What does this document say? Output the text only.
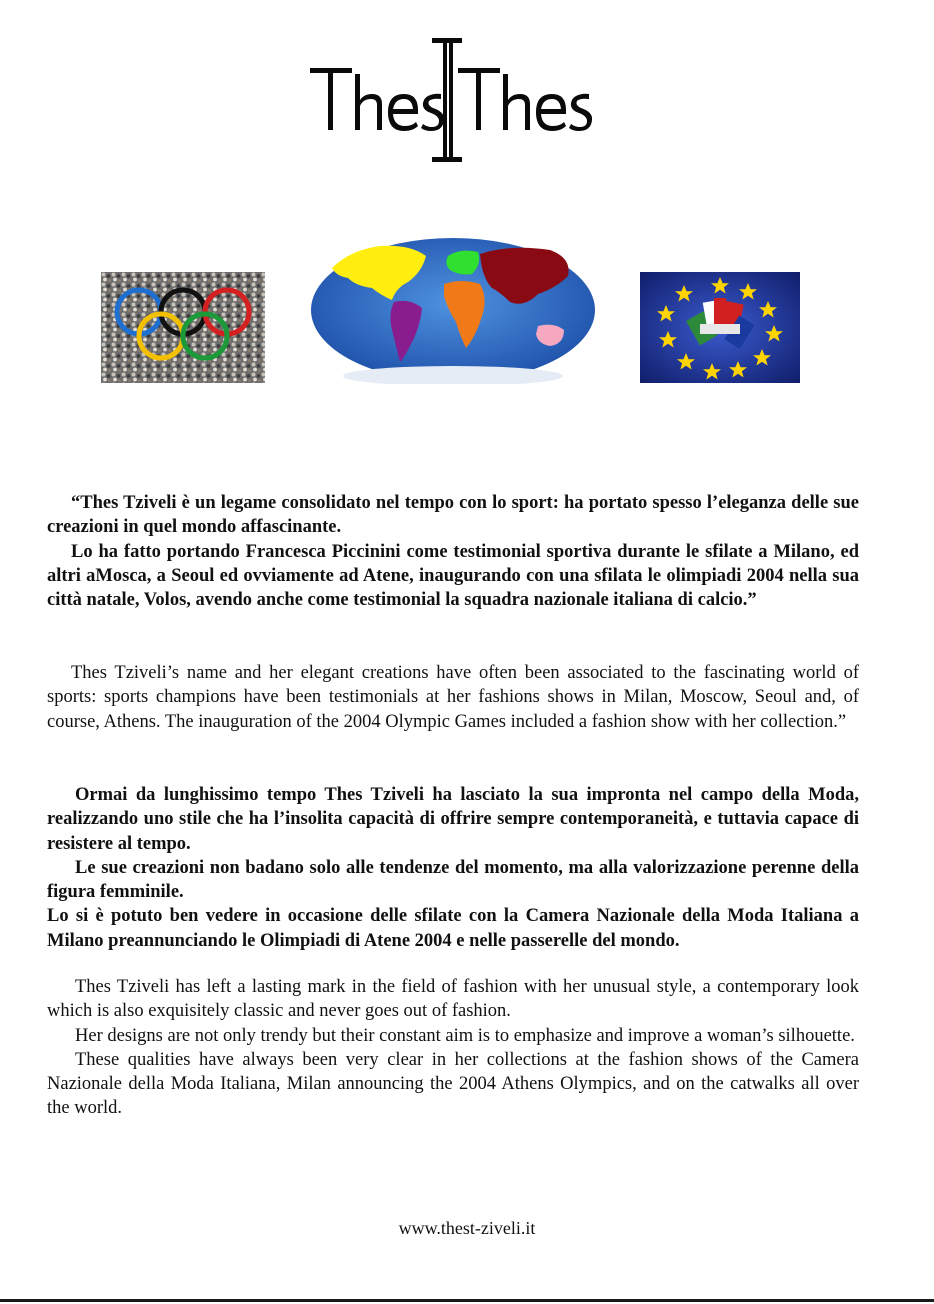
“Thes Tziveli è un legame consolidato nel tempo con lo sport: ha portato spesso l’eleganza delle sue creazioni in quel mondo affascinante.

Lo ha fatto portando Francesca Piccinini come testimonial sportiva durante le sfilate a Milano, ed altri aMosca, a Seoul ed ovviamente ad Atene, inaugurando con una sfilata le olimpiadi 2004 nella sua città natale, Volos, avendo anche come testimonial la squadra nazionale italiana di calcio.”

Thes Tziveli’s name and her elegant creations have often been associated to the fascinating world of sports: sports champions have been testimonials at her fashions shows in Milan, Moscow, Seoul and, of course, Athens. The inauguration of the 2004 Olympic Games included a fashion show with her collection.”

Ormai da lunghissimo tempo Thes Tziveli ha lasciato la sua impronta nel campo della Moda, realizzando uno stile che ha l’insolita capacità di offrire sempre contemporaneità, e tuttavia capace di resistere al tempo.

Le sue creazioni non badano solo alle tendenze del momento, ma alla valorizzazione perenne della figura femminile.

Lo si è potuto ben vedere in occasione delle sfilate con la Camera Nazionale della Moda Italiana a Milano preannunciando le Olimpiadi di Atene 2004 e nelle passerelle del mondo.

Thes Tziveli has left a lasting mark in the field of fashion with her unusual style, a contemporary look which is also exquisitely classic and never goes out of fashion.

Her designs are not only trendy but their constant aim is to emphasize and improve a woman’s silhouette.

These qualities have always been very clear in her collections at the fashion shows of the Camera Nazionale della Moda Italiana, Milan announcing the 2004 Athens Olympics, and on the catwalks all over the world.

www.thest-ziveli.it
